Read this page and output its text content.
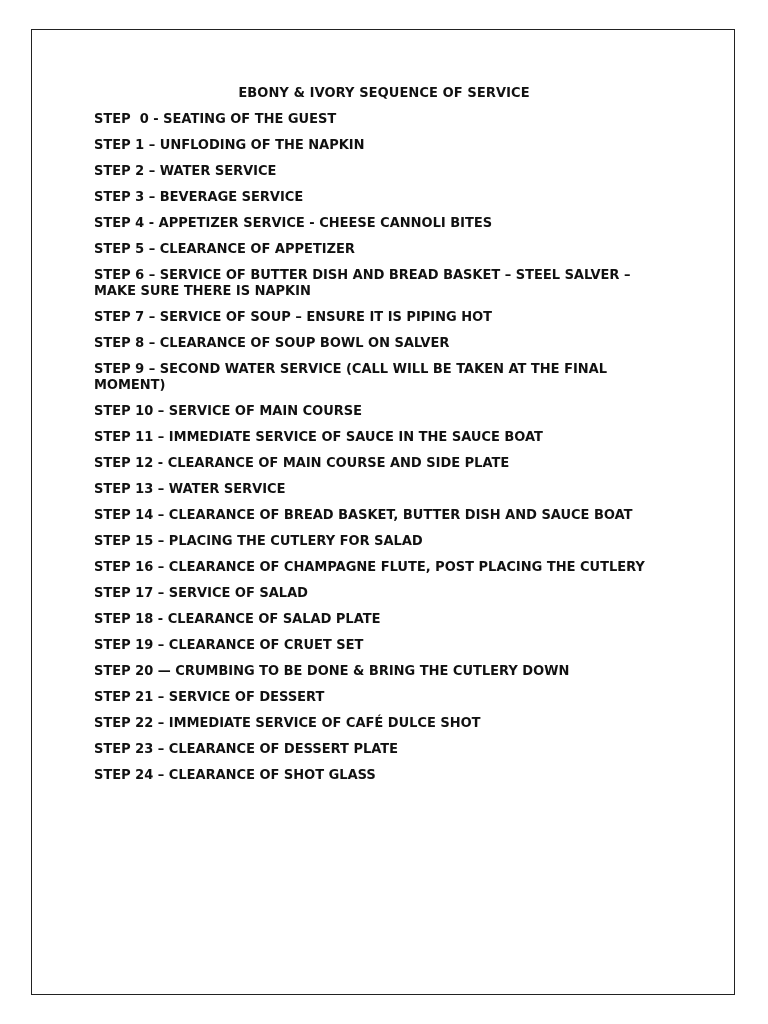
EBONY & IVORY SEQUENCE OF SERVICE
STEP  0 - SEATING OF THE GUEST
STEP 1 – UNFLODING OF THE NAPKIN
STEP 2 – WATER SERVICE
STEP 3 – BEVERAGE SERVICE
STEP 4 - APPETIZER SERVICE - CHEESE CANNOLI BITES
STEP 5 – CLEARANCE OF APPETIZER
STEP 6 – SERVICE OF BUTTER DISH AND BREAD BASKET – STEEL SALVER – MAKE SURE THERE IS NAPKIN
STEP 7 – SERVICE OF SOUP – ENSURE IT IS PIPING HOT
STEP 8 – CLEARANCE OF SOUP BOWL ON SALVER
STEP 9 – SECOND WATER SERVICE (CALL WILL BE TAKEN AT THE FINAL MOMENT)
STEP 10 – SERVICE OF MAIN COURSE
STEP 11 – IMMEDIATE SERVICE OF SAUCE IN THE SAUCE BOAT
STEP 12 - CLEARANCE OF MAIN COURSE AND SIDE PLATE
STEP 13 – WATER SERVICE
STEP 14 – CLEARANCE OF BREAD BASKET, BUTTER DISH AND SAUCE BOAT
STEP 15 – PLACING THE CUTLERY FOR SALAD
STEP 16 – CLEARANCE OF CHAMPAGNE FLUTE, POST PLACING THE CUTLERY
STEP 17 – SERVICE OF SALAD
STEP 18 - CLEARANCE OF SALAD PLATE
STEP 19 – CLEARANCE OF CRUET SET
STEP 20 — CRUMBING TO BE DONE & BRING THE CUTLERY DOWN
STEP 21 – SERVICE OF DESSERT
STEP 22 – IMMEDIATE SERVICE OF CAFÉ DULCE SHOT
STEP 23 – CLEARANCE OF DESSERT PLATE
STEP 24 – CLEARANCE OF SHOT GLASS
